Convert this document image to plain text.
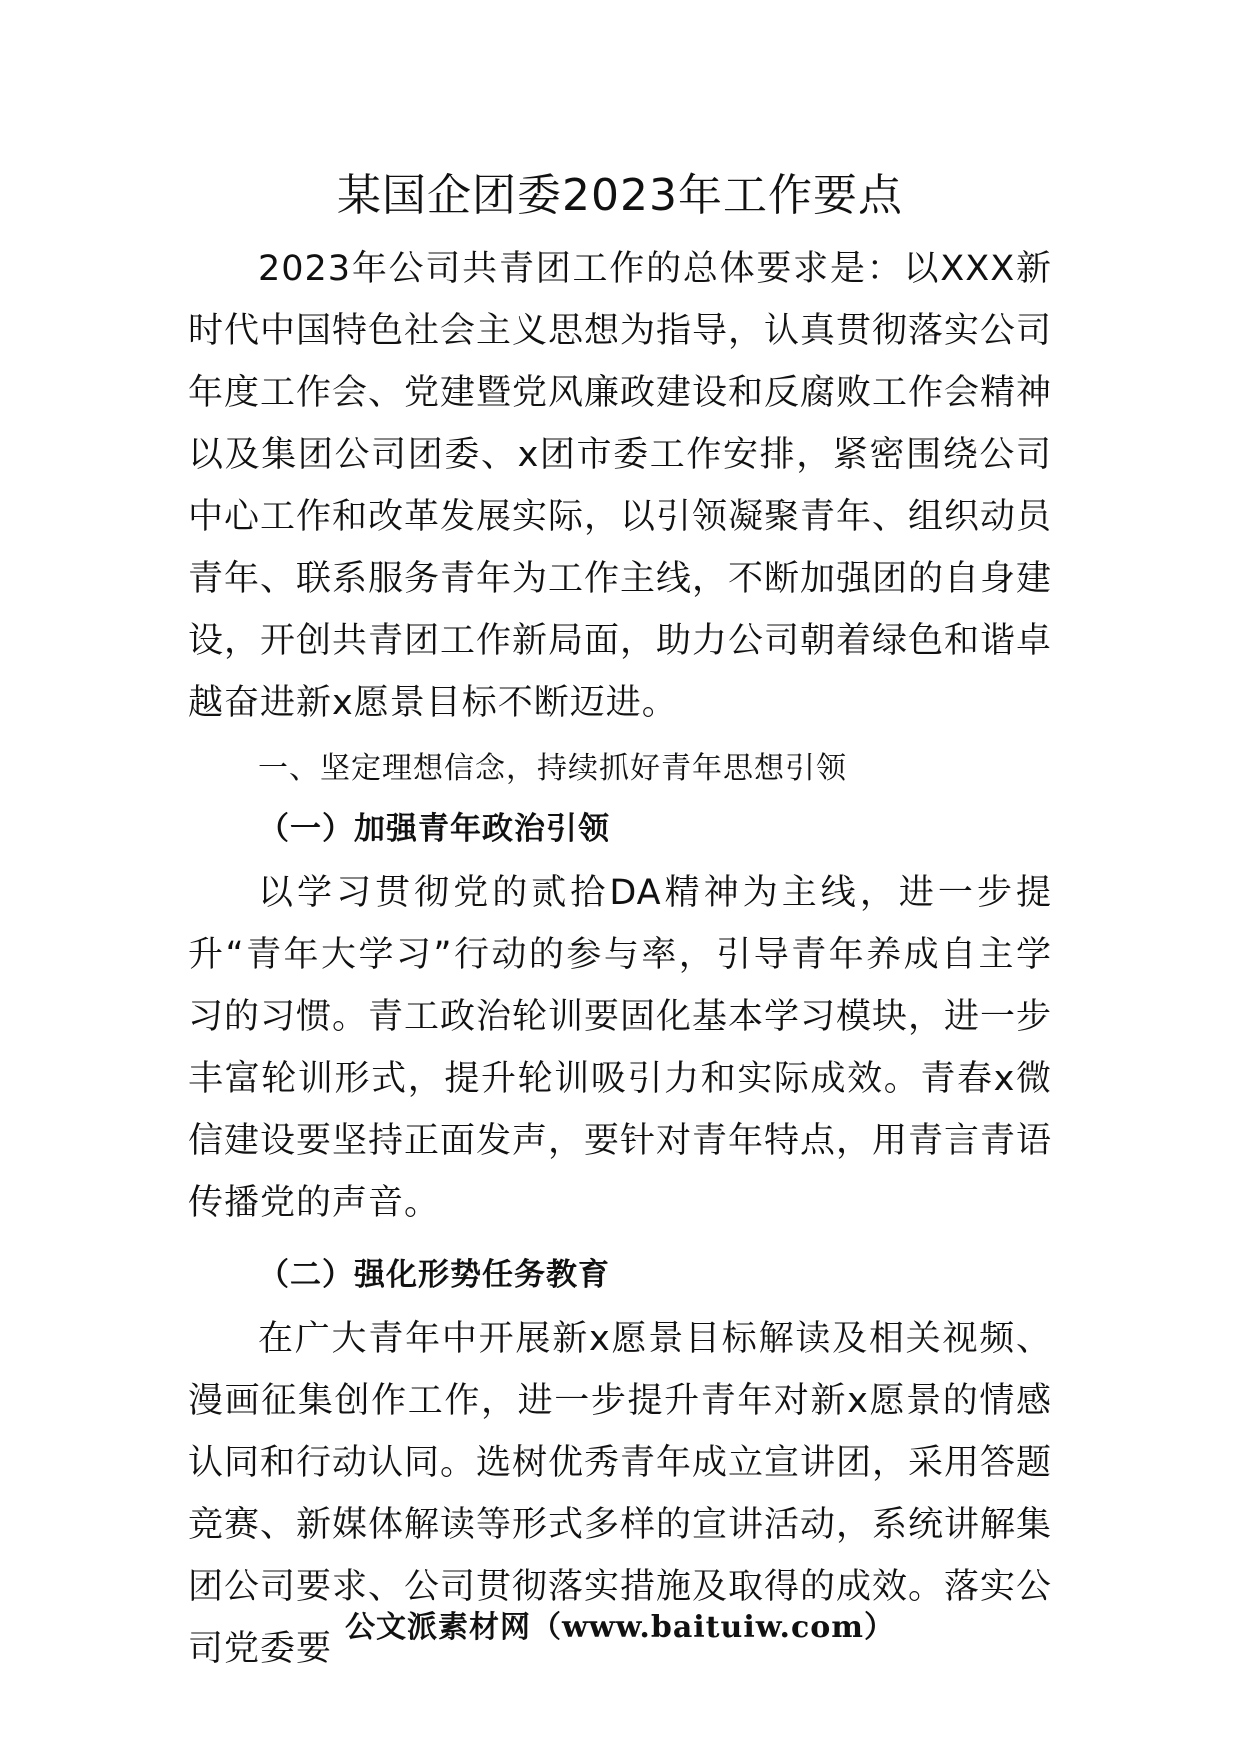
某国企团委2023年工作要点

2023年公司共青团工作的总体要求是：以XXX新时代中国特色社会主义思想为指导，认真贯彻落实公司年度工作会、党建暨党风廉政建设和反腐败工作会精神以及集团公司团委、x团市委工作安排，紧密围绕公司中心工作和改革发展实际，以引领凝聚青年、组织动员青年、联系服务青年为工作主线，不断加强团的自身建设，开创共青团工作新局面，助力公司朝着绿色和谐卓越奋进新x愿景目标不断迈进。

一、坚定理想信念，持续抓好青年思想引领

（一）加强青年政治引领

以学习贯彻党的贰拾DA精神为主线，进一步提升“青年大学习”行动的参与率，引导青年养成自主学习的习惯。青工政治轮训要固化基本学习模块，进一步丰富轮训形式，提升轮训吸引力和实际成效。青春x微信建设要坚持正面发声，要针对青年特点，用青言青语传播党的声音。

（二）强化形势任务教育

在广大青年中开展新x愿景目标解读及相关视频、漫画征集创作工作，进一步提升青年对新x愿景的情感认同和行动认同。选树优秀青年成立宣讲团，采用答题竞赛、新媒体解读等形式多样的宣讲活动，系统讲解集团公司要求、公司贯彻落实措施及取得的成效。落实公司党委要

公文派素材网（www.baituiw.com）
